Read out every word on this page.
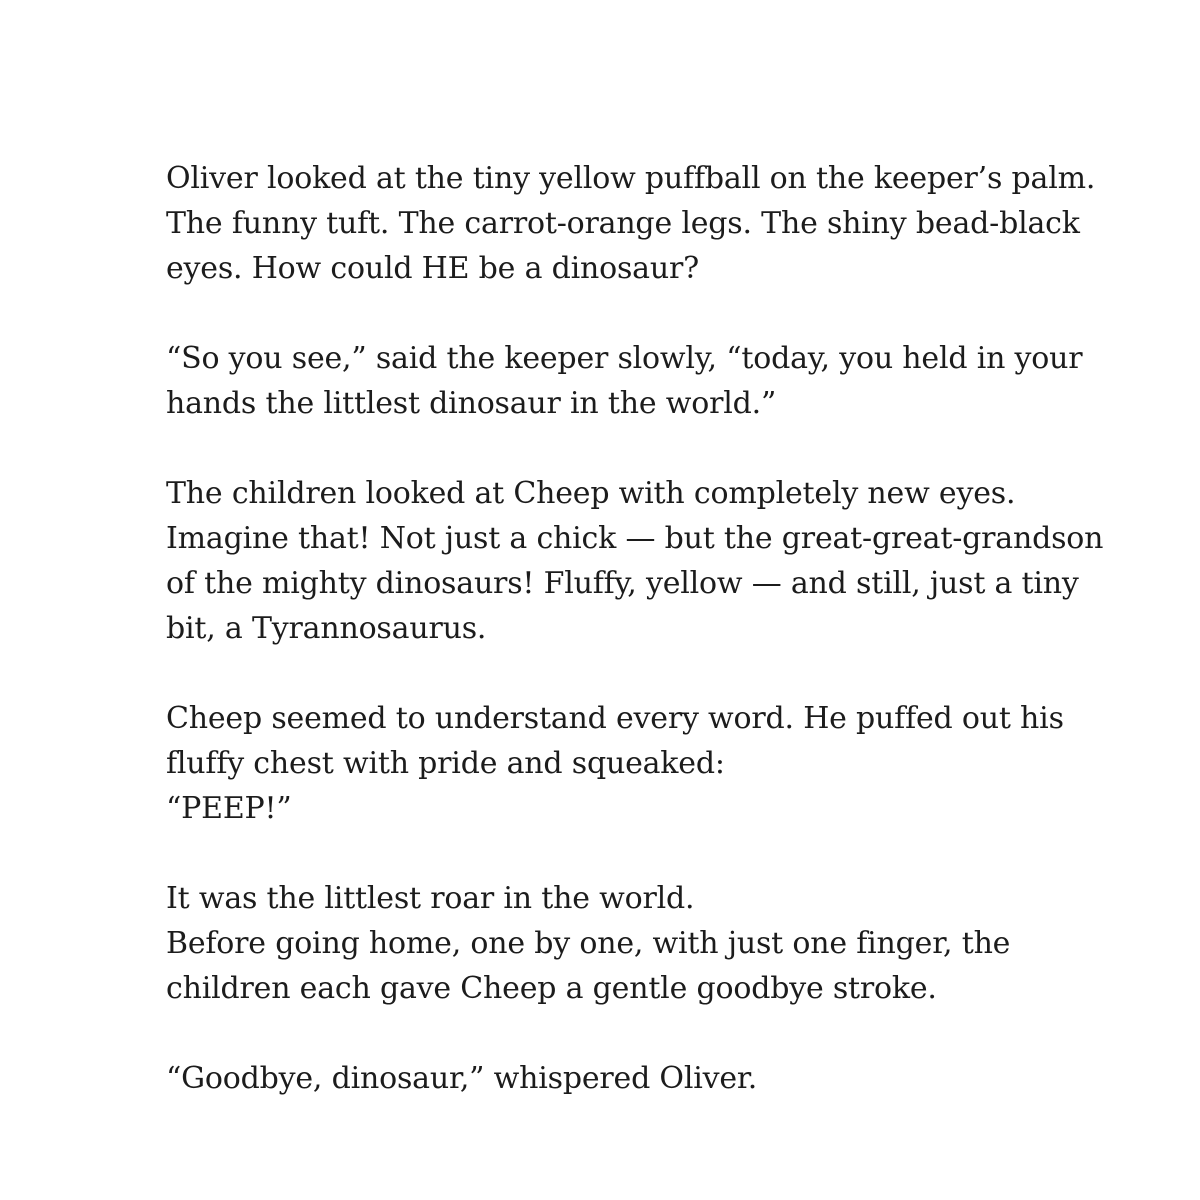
Oliver looked at the tiny yellow puffball on the keeper’s palm.
The funny tuft. The carrot-orange legs. The shiny bead-black
eyes. How could HE be a dinosaur?

“So you see,” said the keeper slowly, “today, you held in your
hands the littlest dinosaur in the world.”

The children looked at Cheep with completely new eyes.
Imagine that! Not just a chick — but the great-great-grandson
of the mighty dinosaurs! Fluffy, yellow — and still, just a tiny
bit, a Tyrannosaurus.

Cheep seemed to understand every word. He puffed out his
fluffy chest with pride and squeaked:
“PEEP!”

It was the littlest roar in the world.
Before going home, one by one, with just one finger, the
children each gave Cheep a gentle goodbye stroke.

“Goodbye, dinosaur,” whispered Oliver.
